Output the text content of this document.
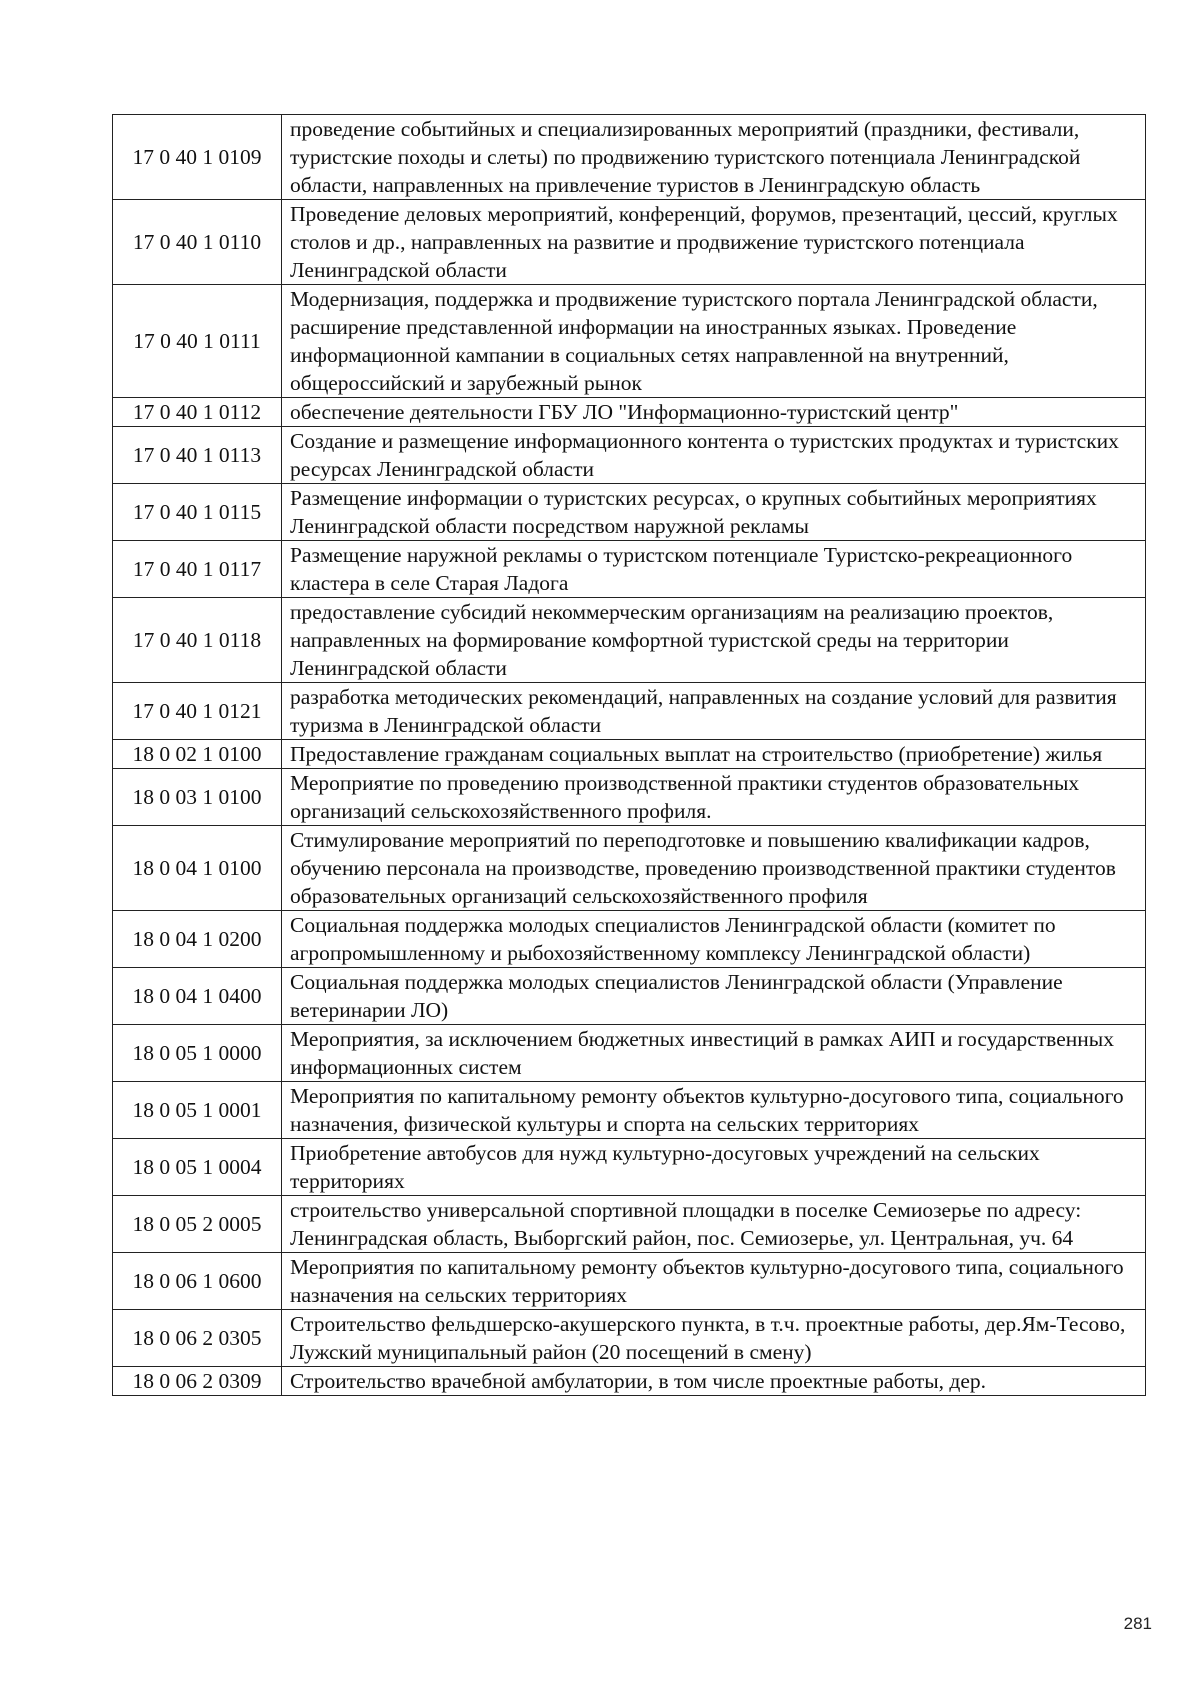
17 0 40 1 0109	проведение событийных и специализированных мероприятий (праздники, фестивали, туристские походы и слеты) по продвижению туристского потенциала Ленинградской области, направленных на привлечение туристов в Ленинградскую область
17 0 40 1 0110	Проведение деловых мероприятий, конференций, форумов, презентаций, цессий, круглых столов и др., направленных на развитие и продвижение туристского потенциала Ленинградской области
17 0 40 1 0111	Модернизация, поддержка и продвижение туристского портала Ленинградской области, расширение представленной информации на иностранных языках. Проведение информационной кампании в социальных сетях направленной на внутренний, общероссийский и зарубежный рынок
17 0 40 1 0112	обеспечение деятельности ГБУ ЛО "Информационно-туристский центр"
17 0 40 1 0113	Создание и размещение информационного контента о туристских продуктах и туристских ресурсах Ленинградской области
17 0 40 1 0115	Размещение информации о туристских ресурсах, о крупных событийных мероприятиях Ленинградской области посредством наружной рекламы
17 0 40 1 0117	Размещение наружной рекламы о туристском потенциале Туристско-рекреационного кластера в селе Старая Ладога
17 0 40 1 0118	предоставление субсидий некоммерческим организациям на реализацию проектов, направленных на формирование комфортной туристской среды на территории Ленинградской области
17 0 40 1 0121	разработка методических рекомендаций, направленных на создание условий для развития туризма в Ленинградской области
18 0 02 1 0100	Предоставление гражданам социальных выплат на строительство (приобретение) жилья
18 0 03 1 0100	Мероприятие по проведению производственной практики студентов образовательных организаций сельскохозяйственного профиля.
18 0 04 1 0100	Стимулирование мероприятий по переподготовке и повышению квалификации кадров, обучению персонала на производстве, проведению производственной практики студентов образовательных организаций сельскохозяйственного профиля
18 0 04 1 0200	Социальная поддержка молодых специалистов Ленинградской области (комитет по агропромышленному и рыбохозяйственному комплексу Ленинградской области)
18 0 04 1 0400	Социальная поддержка молодых специалистов Ленинградской области (Управление ветеринарии ЛО)
18 0 05 1 0000	Мероприятия, за исключением бюджетных инвестиций в рамках АИП и государственных информационных систем
18 0 05 1 0001	Мероприятия по капитальному ремонту объектов культурно-досугового типа, социального назначения, физической культуры и спорта на сельских территориях
18 0 05 1 0004	Приобретение автобусов для нужд культурно-досуговых учреждений на сельских территориях
18 0 05 2 0005	строительство универсальной спортивной площадки в поселке Семиозерье по адресу: Ленинградская область, Выборгский район, пос. Семиозерье, ул. Центральная, уч. 64
18 0 06 1 0600	Мероприятия по капитальному ремонту объектов культурно-досугового типа, социального назначения на сельских территориях
18 0 06 2 0305	Строительство фельдшерско-акушерского пункта, в т.ч. проектные работы, дер.Ям-Тесово, Лужский муниципальный район (20 посещений в смену)
18 0 06 2 0309	Строительство врачебной амбулатории, в том числе проектные работы, дер.
281
